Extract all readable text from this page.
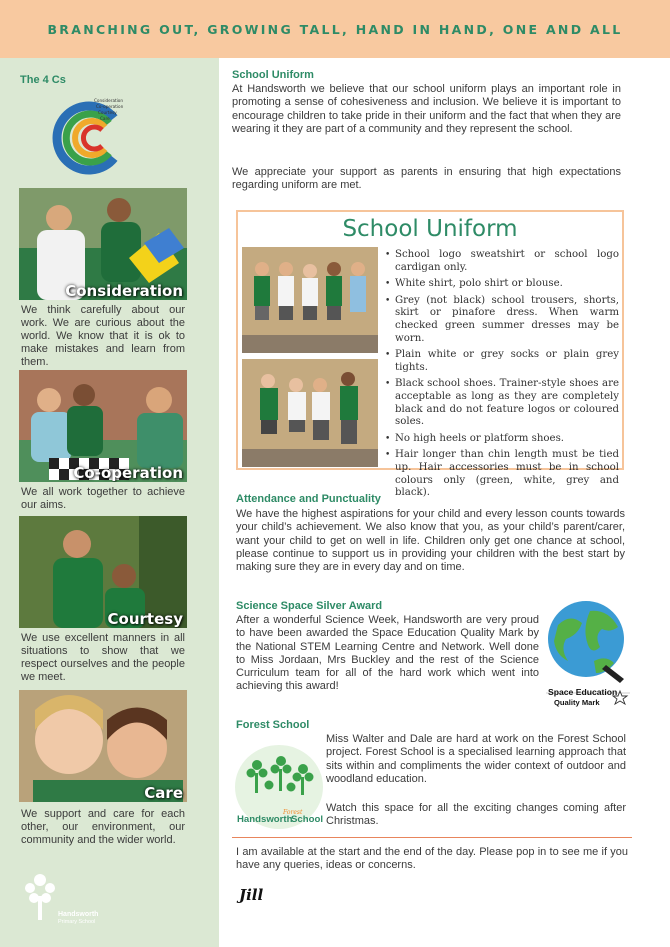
BRANCHING OUT, GROWING TALL, HAND IN HAND, ONE AND ALL
The 4 Cs
Consideration
Co-operation
Courtesy
Care
Consideration
We think carefully about our work. We are curious about the world. We know that it is ok to make mistakes and learn from them.
Co-operation
We all work together to achieve our aims.
Courtesy
We use excellent manners in all situations to show that we respect ourselves and the people we meet.
Care
We support and care for each other, our environment, our community and the wider world.
Handsworth
Primary School
School Uniform
At Handsworth we believe that our school uniform plays an important role in promoting a sense of cohesiveness and inclusion. We believe it is important to encourage children to take pride in their uniform and the fact that when they are wearing it they are part of a community and they represent the school.
We appreciate your support as parents in ensuring that high expectations regarding uniform are met.
School Uniform
• School logo sweatshirt or school logo cardigan only.
• White shirt, polo shirt or blouse.
• Grey (not black) school trousers, shorts, skirt or pinafore dress. When warm checked green summer dresses may be worn.
• Plain white or grey socks or plain grey tights.
• Black school shoes. Trainer-style shoes are acceptable as long as they are completely black and do not feature logos or coloured soles.
• No high heels or platform shoes.
• Hair longer than chin length must be tied up. Hair accessories must be in school colours only (green, white, grey and black).
Attendance and Punctuality
We have the highest aspirations for your child and every lesson counts towards your child’s achievement. We also know that you, as your child’s parent/carer, want your child to get on well in life. Children only get one chance at school, please continue to support us in providing your children with the best start by making sure they are in every day and on time.
Science Space Silver Award
After a wonderful Science Week, Handsworth are very proud to have been awarded the Space Education Quality Mark by the National STEM Learning Centre and Network. Well done to Miss Jordaan, Mrs Buckley and the rest of the Science Curriculum team for all of the hard work which went into achieving this award!	Space Education
Quality Mark
Forest School
Handsworth
School
Forest
Miss Walter and Dale are hard at work on the Forest School project. Forest School is a specialised learning approach that sits within and compliments the wider context of outdoor and woodland education.
Watch this space for all the exciting changes coming after Christmas.
I am available at the start and the end of the day. Please pop in to see me if you have any queries, ideas or concerns.
Jill
